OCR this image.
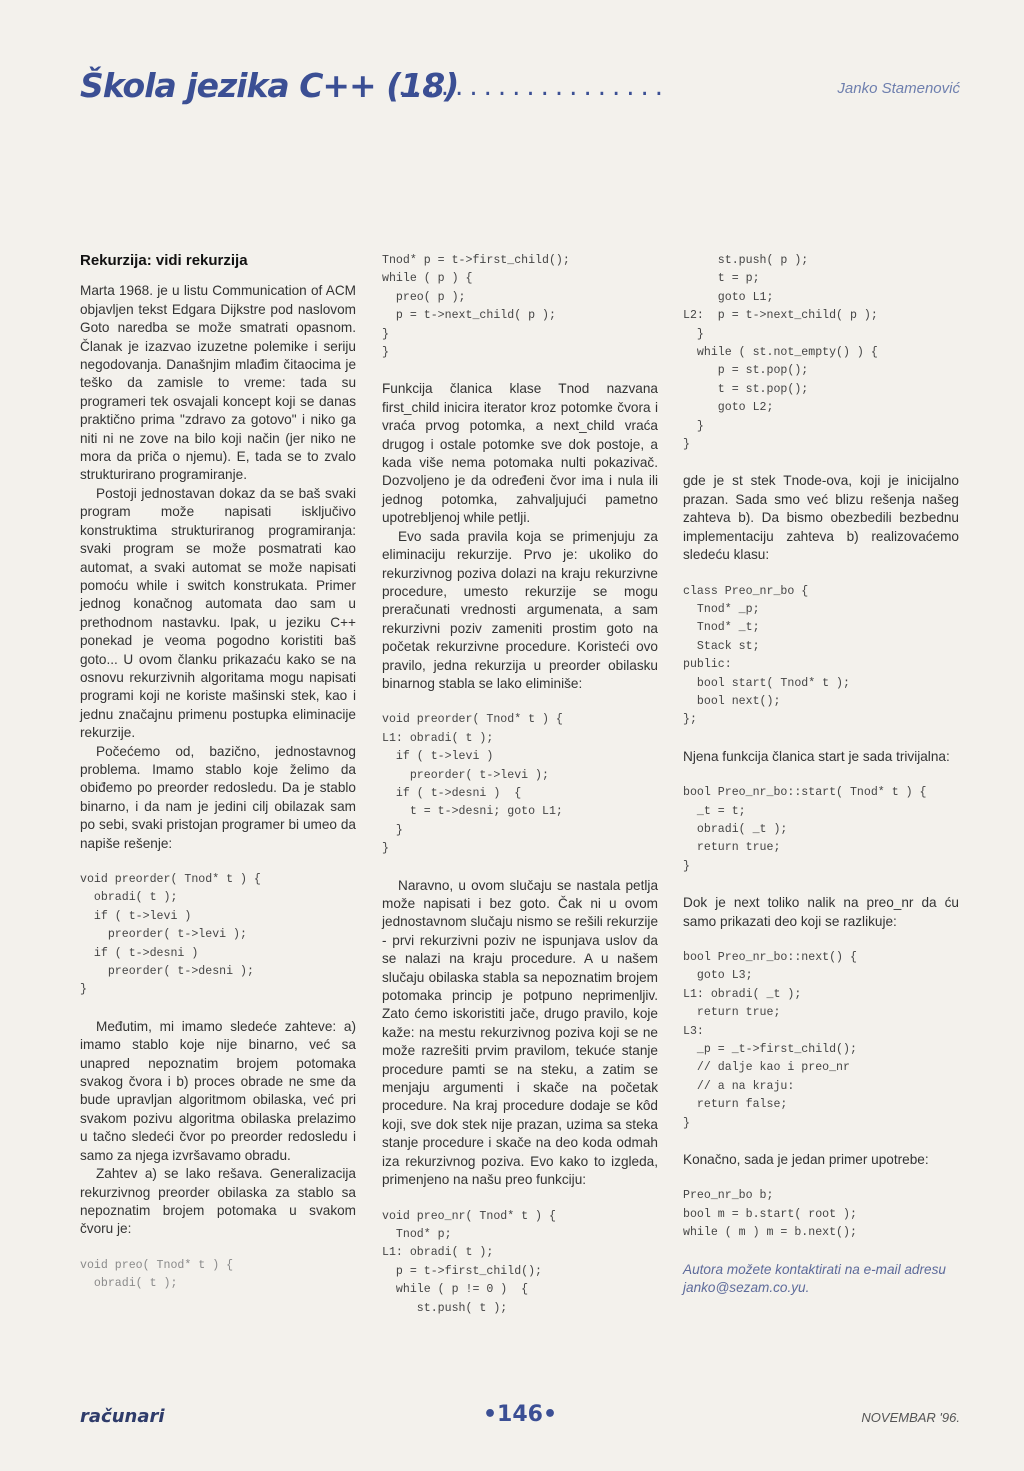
Škola jezika C++ (18)
...................	Janko Stamenović
Rekurzija: vidi rekurzija

Marta 1968. je u listu Communication of ACM objavljen tekst Edgara Dijkstre pod naslovom Goto naredba se može smatrati opasnom. Članak je izazvao izuzetne polemike i seriju negodovanja. Današnjim mlađim čitaocima je teško da zamisle to vreme: tada su programeri tek osvajali koncept koji se danas praktično prima "zdravo za gotovo" i niko ga niti ni ne zove na bilo koji način (jer niko ne mora da priča o njemu). E, tada se to zvalo strukturirano programiranje.

Postoji jednostavan dokaz da se baš svaki program može napisati isključivo konstruktima strukturiranog programiranja: svaki program se može posmatrati kao automat, a svaki automat se može napisati pomoću while i switch konstrukata. Primer jednog konačnog automata dao sam u prethodnom nastavku. Ipak, u jeziku C++ ponekad je veoma pogodno koristiti baš goto... U ovom članku prikazaću kako se na osnovu rekurzivnih algoritama mogu napisati programi koji ne koriste mašinski stek, kao i jednu značajnu primenu postupka eliminacije rekurzije.

Počećemo od, bazično, jednostavnog problema. Imamo stablo koje želimo da obiđemo po preorder redosledu. Da je stablo binarno, i da nam je jedini cilj obilazak sam po sebi, svaki pristojan programer bi umeo da napiše rešenje:

void preorder( Tnod* t ) {
obradi( t );
if ( t->levi )
preorder( t->levi );
if ( t->desni )
preorder( t->desni );
}

Međutim, mi imamo sledeće zahteve: a) imamo stablo koje nije binarno, već sa unapred nepoznatim brojem potomaka svakog čvora i b) proces obrade ne sme da bude upravljan algoritmom obilaska, već pri svakom pozivu algoritma obilaska prelazimo u tačno sledeći čvor po preorder redosledu i samo za njega izvršavamo obradu.

Zahtev a) se lako rešava. Generalizacija rekurzivnog preorder obilaska za stablo sa nepoznatim brojem potomaka u svakom čvoru je:

void preo( Tnod* t ) {
obradi( t );
Tnod* p = t->first_child();
while ( p ) {
preo( p );
p = t->next_child( p );
}
}

Funkcija članica klase Tnod nazvana first_child inicira iterator kroz potomke čvora i vraća prvog potomka, a next_child vraća drugog i ostale potomke sve dok postoje, a kada više nema potomaka nulti pokazivač. Dozvoljeno je da određeni čvor ima i nula ili jednog potomka, zahvaljujući pametno upotrebljenoj while petlji.

Evo sada pravila koja se primenjuju za eliminaciju rekurzije. Prvo je: ukoliko do rekurzivnog poziva dolazi na kraju rekurzivne procedure, umesto rekurzije se mogu preračunati vrednosti argumenata, a sam rekurzivni poziv zameniti prostim goto na početak rekurzivne procedure. Koristeći ovo pravilo, jedna rekurzija u preorder obilasku binarnog stabla se lako eliminiše:

void preorder( Tnod* t ) {
L1: obradi( t );
if ( t->levi )
preorder( t->levi );
if ( t->desni )  {
t = t->desni; goto L1;
}
}

Naravno, u ovom slučaju se nastala petlja može napisati i bez goto. Čak ni u ovom jednostavnom slučaju nismo se rešili rekurzije - prvi rekurzivni poziv ne ispunjava uslov da se nalazi na kraju procedure. A u našem slučaju obilaska stabla sa nepoznatim brojem potomaka princip je potpuno neprimenljiv. Zato ćemo iskoristiti jače, drugo pravilo, koje kaže: na mestu rekurzivnog poziva koji se ne može razrešiti prvim pravilom, tekuće stanje procedure pamti se na steku, a zatim se menjaju argumenti i skače na početak procedure. Na kraj procedure dodaje se kôd koji, sve dok stek nije prazan, uzima sa steka stanje procedure i skače na deo koda odmah iza rekurzivnog poziva. Evo kako to izgleda, primenjeno na našu preo funkciju:

void preo_nr( Tnod* t ) {
Tnod* p;
L1: obradi( t );
p = t->first_child();
while ( p != 0 )  {
st.push( t );
st.push( p );
t = p;
goto L1;
L2:  p = t->next_child( p );
}
while ( st.not_empty() ) {
p = st.pop();
t = st.pop();
goto L2;
}
}

gde je st stek Tnode-ova, koji je inicijalno prazan. Sada smo već blizu rešenja našeg zahteva b). Da bismo obezbedili bezbednu implementaciju zahteva b) realizovaćemo sledeću klasu:

class Preo_nr_bo {
Tnod* _p;
Tnod* _t;
Stack st;
public:
bool start( Tnod* t );
bool next();
};

Njena funkcija članica start je sada trivijalna:

bool Preo_nr_bo::start( Tnod* t ) {
_t = t;
obradi( _t );
return true;
}

Dok je next toliko nalik na preo_nr da ću samo prikazati deo koji se razlikuje:

bool Preo_nr_bo::next() {
goto L3;
L1: obradi( _t );
return true;
L3:
_p = _t->first_child();
// dalje kao i preo_nr
// a na kraju:
return false;
}

Konačno, sada je jedan primer upotrebe:

Preo_nr_bo b;
bool m = b.start( root );
while ( m ) m = b.next();

Autora možete kontaktirati na e-mail adresu janko@sezam.co.yu.

računari	•146•	NOVEMBAR '96.
